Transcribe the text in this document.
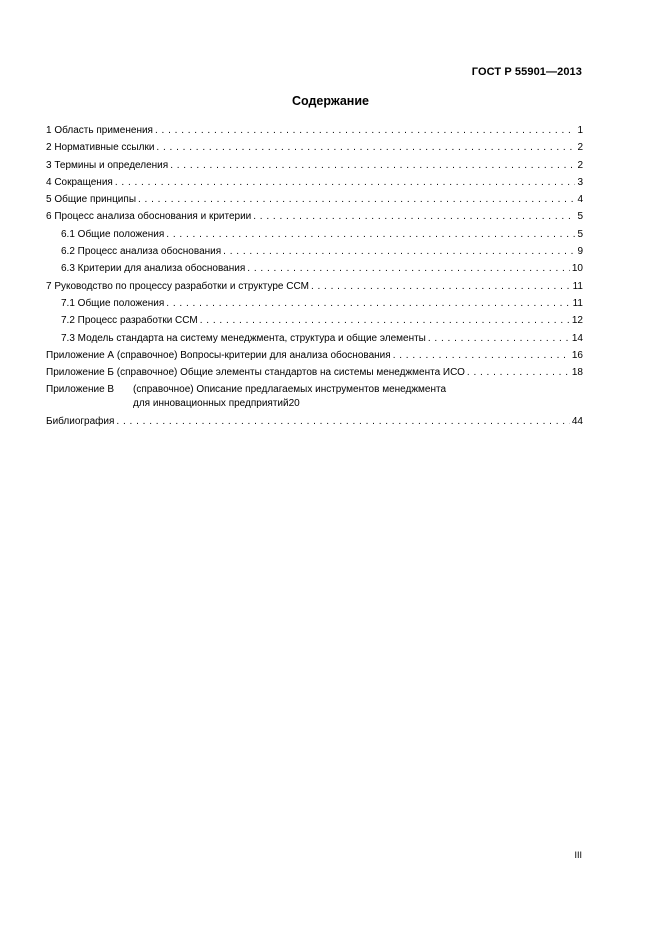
ГОСТ Р 55901—2013
Содержание
1 Область применения . . .	1
2 Нормативные ссылки . . .	2
3 Термины и определения . . .	2
4 Сокращения . . .	3
5 Общие принципы . . .	4
6 Процесс анализа обоснования и критерии . . .	5
6.1 Общие положения . . .	5
6.2 Процесс анализа обоснования . . .	9
6.3 Критерии для анализа обоснования . . .	10
7 Руководство по процессу разработки и структуре ССМ . . .	11
7.1 Общие положения . . .	11
7.2 Процесс разработки ССМ . . .	12
7.3 Модель стандарта на систему менеджмента, структура и общие элементы . . .	14
Приложение А (справочное) Вопросы-критерии для анализа обоснования . . .	16
Приложение Б (справочное) Общие элементы стандартов на системы менеджмента ИСО . . .	18
Приложение В	(справочное) Описание предлагаемых инструментов менеджмента
для инновационных предприятий 20
Библиография . . .	44
III
